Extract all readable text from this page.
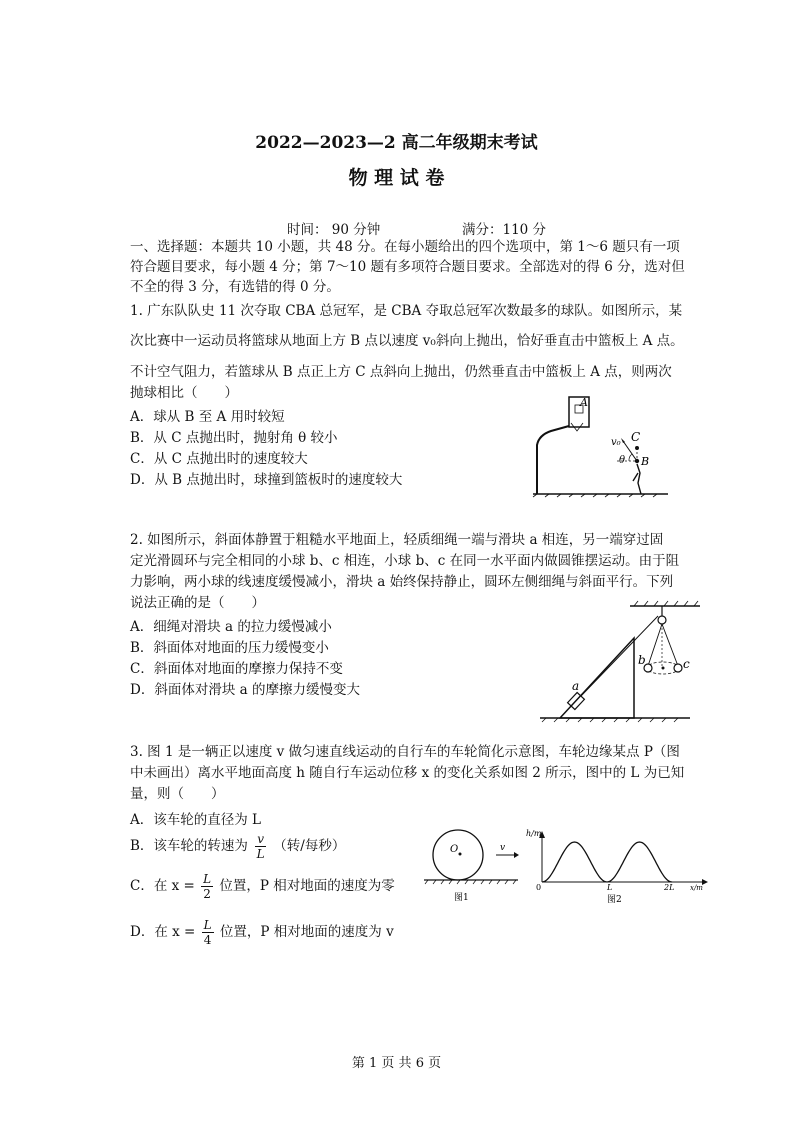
2022—2023—2 高二年级期末考试
物 理 试 卷
时间： 90 分钟	满分：110 分
一、选择题：本题共 10 小题，共 48 分。在每小题给出的四个选项中，第 1～6 题只有一项
符合题目要求，每小题 4 分；第 7～10 题有多项符合题目要求。全部选对的得 6 分，选对但
不全的得 3 分，有选错的得 0 分。
1. 广东队队史 11 次夺取 CBA 总冠军，是 CBA 夺取总冠军次数最多的球队。如图所示，某
次比赛中一运动员将篮球从地面上方 B 点以速度 v₀斜向上抛出，恰好垂直击中篮板上 A 点。
不计空气阻力，若篮球从 B 点正上方 C 点斜向上抛出，仍然垂直击中篮板上 A 点，则两次
抛球相比（　　）
A．球从 B 至 A 用时较短
B．从 C 点抛出时，抛射角 θ 较小
C．从 C 点抛出时的速度较大
D．从 B 点抛出时，球撞到篮板时的速度较大
A
C
B
v₀
θ
2. 如图所示，斜面体静置于粗糙水平地面上，轻质细绳一端与滑块 a 相连，另一端穿过固
定光滑圆环与完全相同的小球 b、c 相连，小球 b、c 在同一水平面内做圆锥摆运动。由于阻
力影响，两小球的线速度缓慢减小，滑块 a 始终保持静止，圆环左侧细绳与斜面平行。下列
说法正确的是（　　）
A．细绳对滑块 a 的拉力缓慢减小
B．斜面体对地面的压力缓慢变小
C．斜面体对地面的摩擦力保持不变
D．斜面体对滑块 a 的摩擦力缓慢变大
b	c
a
3. 图 1 是一辆正以速度 v 做匀速直线运动的自行车的车轮简化示意图，车轮边缘某点 P（图
中未画出）离水平地面高度 h 随自行车运动位移 x 的变化关系如图 2 所示，图中的 L 为已知
量，则（　　）
A．该车轮的直径为 L
B．该车轮的转速为 $\frac{v}{L}$ （转/每秒）
C．在 $x = \frac{L}{2}$ 位置，P 相对地面的速度为零
D．在 $x = \frac{L}{4}$ 位置，P 相对地面的速度为 v
O	v
图1
h/m
0	L	2L x/m
图2
第 1 页 共 6 页
